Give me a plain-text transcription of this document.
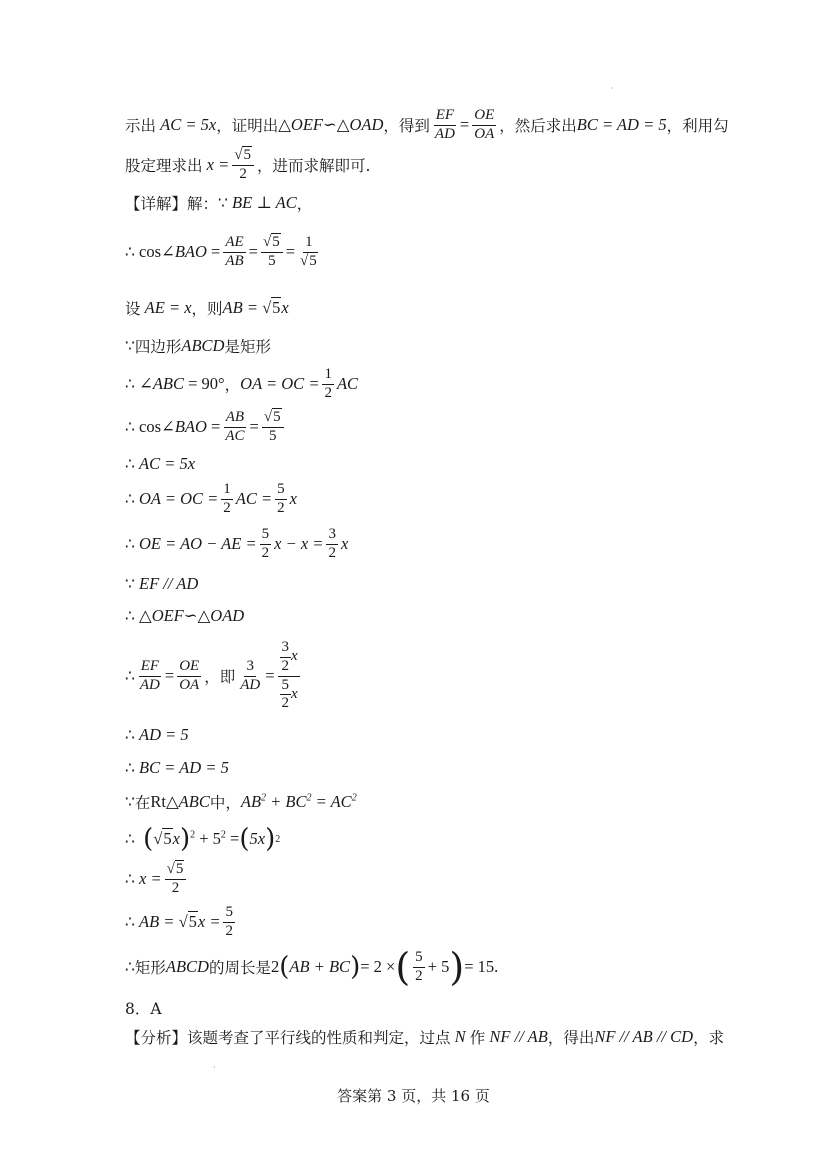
示出 AC = 5x ，证明出 △OEF∽△OAD ，得到 $\frac{EF}{AD} = \frac{OE}{OA}$ ，然后求出 BC = AD = 5 ，利用勾
股定理求出 $x = \frac{√5}{2}$ ，进而求解即可.
【详解】解： ∵ BE ⊥ AC ，
∴ cos∠BAO = $\frac{AE}{AB} = \frac{√5}{5} = \frac{1}{√5}$
设 AE = x ，则 AB = √5x
∵ 四边形 ABCD 是矩形
∴ ∠ABC = 90° ， OA = OC = $\frac{1}{2}$ AC
∴ cos∠BAO = $\frac{AB}{AC} = \frac{√5}{5}$
∴ AC = 5x
∴ OA = OC = $\frac{1}{2}$ AC = $\frac{5}{2}$ x
∴ OE = AO − AE = $\frac{5}{2}$ $x - x = \frac{3}{2}$ x
∵ EF // AD
∴ △OEF∽△OAD
∴ $\frac{EF}{AD} = \frac{OE}{OA}$ ，即 $\frac{3}{AD} = \frac{\frac{3}{2} x}{\frac{5}{2} x}$
∴ AD = 5
∴ BC = AD = 5
∵ 在 Rt△ABC 中， $AB^2 + BC^2 = AC^2$
∴ ( √5x ) $^2 + 5^2$ = ( 5x ) 2
∴ $x = \frac{√5}{2}$
∴ AB = $√5x = \frac{5}{2}$
∴ 矩形 ABCD 的周长是 2 ( AB + BC ) = 2 × ( $\frac{5}{2} + 5$ ) = 15.
8．A
【分析】该题考查了平行线的性质和判定，过点 N 作 NF // AB ，得出 NF // AB // CD ，求
·
·
答案第 3 页，共 16 页
